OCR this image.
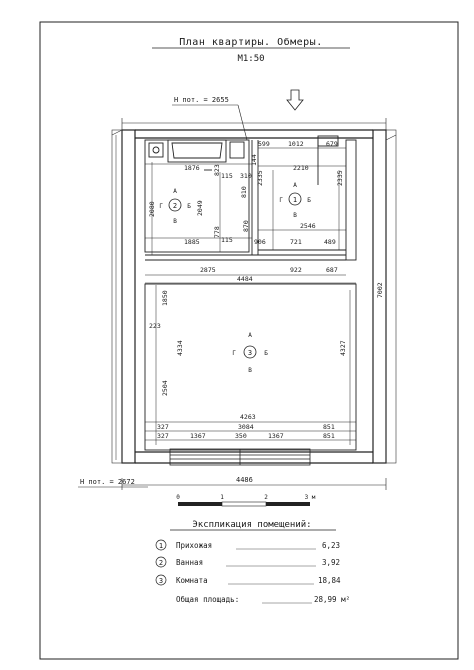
План квартиры. Обмеры.
М1:50
Н пот. = 2655
Н пот. = 2672
599	1012	679
1876
310
2210
115
115
2080	2049
823
870
810
2335	2335
144
2546
778
1885	906	721	489
2875	922	687
4484
1850
223
4334	4327
7002
2504
4263
327	3084	851
327	1367	350	1367	851
4486
1
А
В
Г	Б
2
А
В
Г	Б
3
А
В
Г	Б
0	1	2	3 м
Экспликация помещений:
1 Прихожая	6,23
2 Ванная	3,92
3 Комната	18,84
Общая площадь:	28,99 м²
